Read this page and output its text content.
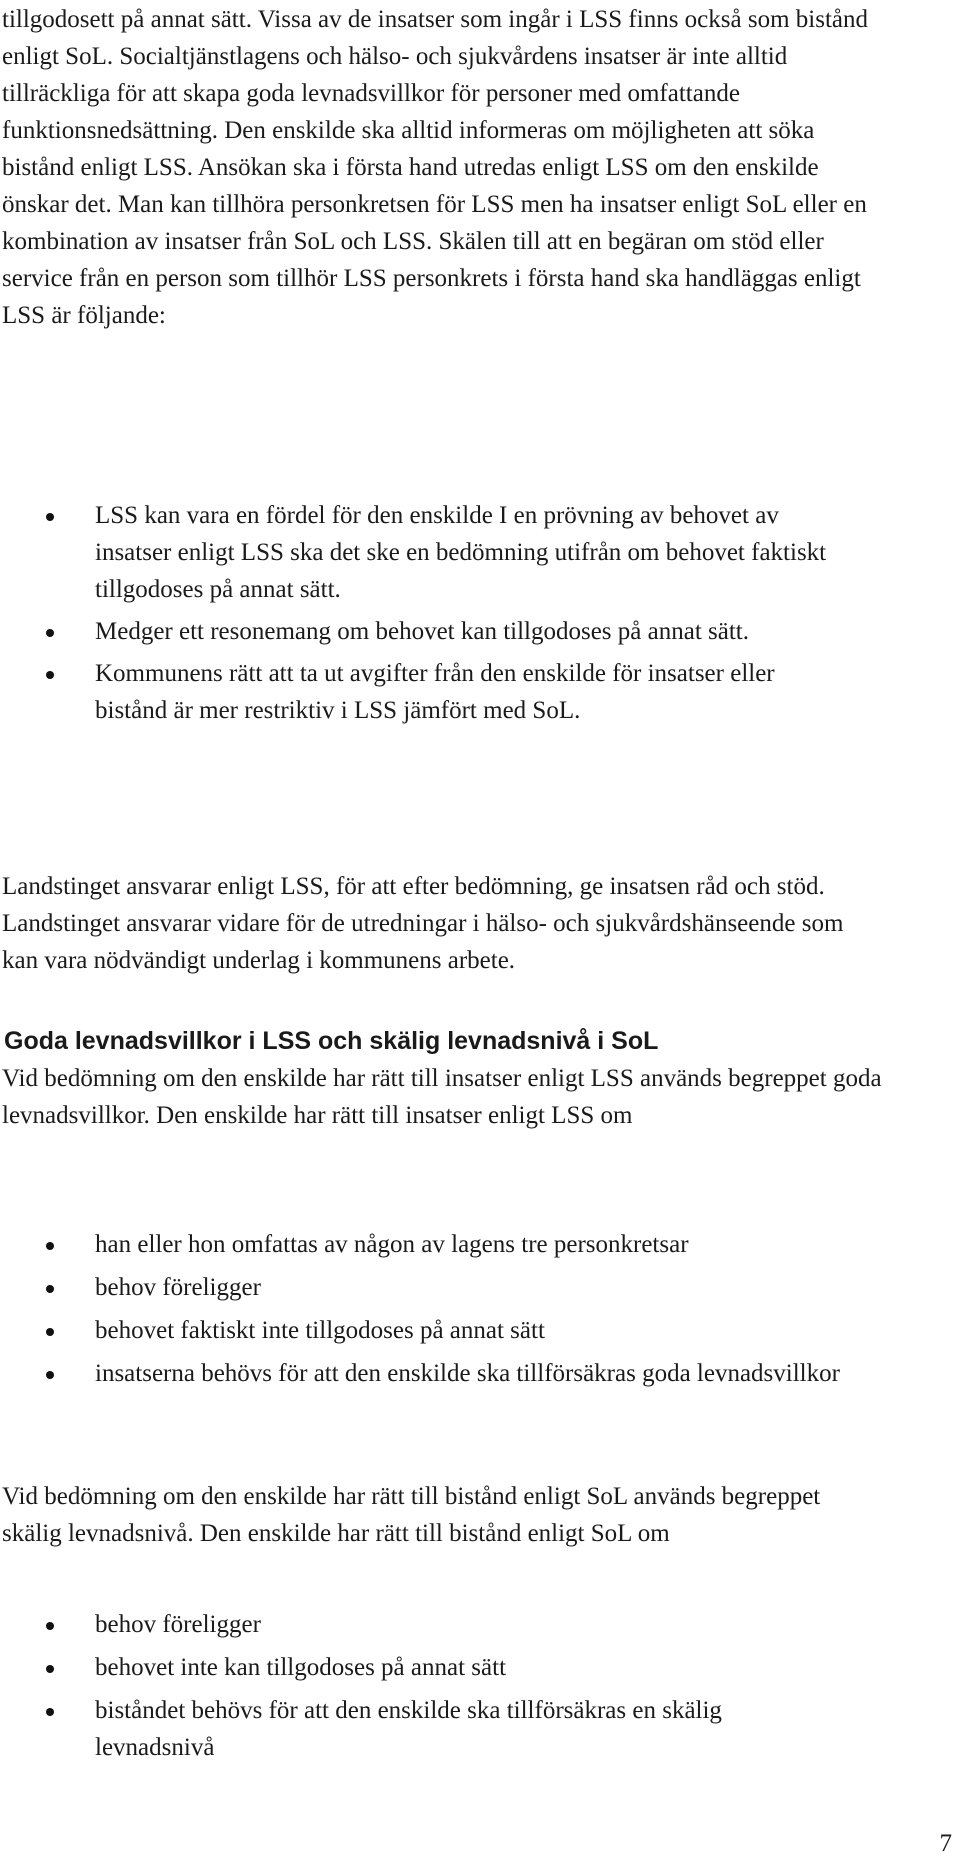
tillgodosett på annat sätt. Vissa av de insatser som ingår i LSS finns också som bistånd enligt SoL. Socialtjänstlagens och hälso- och sjukvårdens insatser är inte alltid tillräckliga för att skapa goda levnadsvillkor för personer med omfattande funktionsnedsättning. Den enskilde ska alltid informeras om möjligheten att söka bistånd enligt LSS. Ansökan ska i första hand utredas enligt LSS om den enskilde önskar det. Man kan tillhöra personkretsen för LSS men ha insatser enligt SoL eller en kombination av insatser från SoL och LSS. Skälen till att en begäran om stöd eller service från en person som tillhör LSS personkrets i första hand ska handläggas enligt LSS är följande:

LSS kan vara en fördel för den enskilde I en prövning av behovet av insatser enligt LSS ska det ske en bedömning utifrån om behovet faktiskt tillgodoses på annat sätt.
Medger ett resonemang om behovet kan tillgodoses på annat sätt.
Kommunens rätt att ta ut avgifter från den enskilde för insatser eller bistånd är mer restriktiv i LSS jämfört med SoL.

Landstinget ansvarar enligt LSS, för att efter bedömning, ge insatsen råd och stöd. Landstinget ansvarar vidare för de utredningar i hälso- och sjukvårdshänseende som kan vara nödvändigt underlag i kommunens arbete.

Goda levnadsvillkor i LSS och skälig levnadsnivå i SoL

Vid bedömning om den enskilde har rätt till insatser enligt LSS används begreppet goda levnadsvillkor. Den enskilde har rätt till insatser enligt LSS om

han eller hon omfattas av någon av lagens tre personkretsar
behov föreligger
behovet faktiskt inte tillgodoses på annat sätt
insatserna behövs för att den enskilde ska tillförsäkras goda levnadsvillkor

Vid bedömning om den enskilde har rätt till bistånd enligt SoL används begreppet skälig levnadsnivå. Den enskilde har rätt till bistånd enligt SoL om

behov föreligger
behovet inte kan tillgodoses på annat sätt
biståndet behövs för att den enskilde ska tillförsäkras en skälig levnadsnivå
7
